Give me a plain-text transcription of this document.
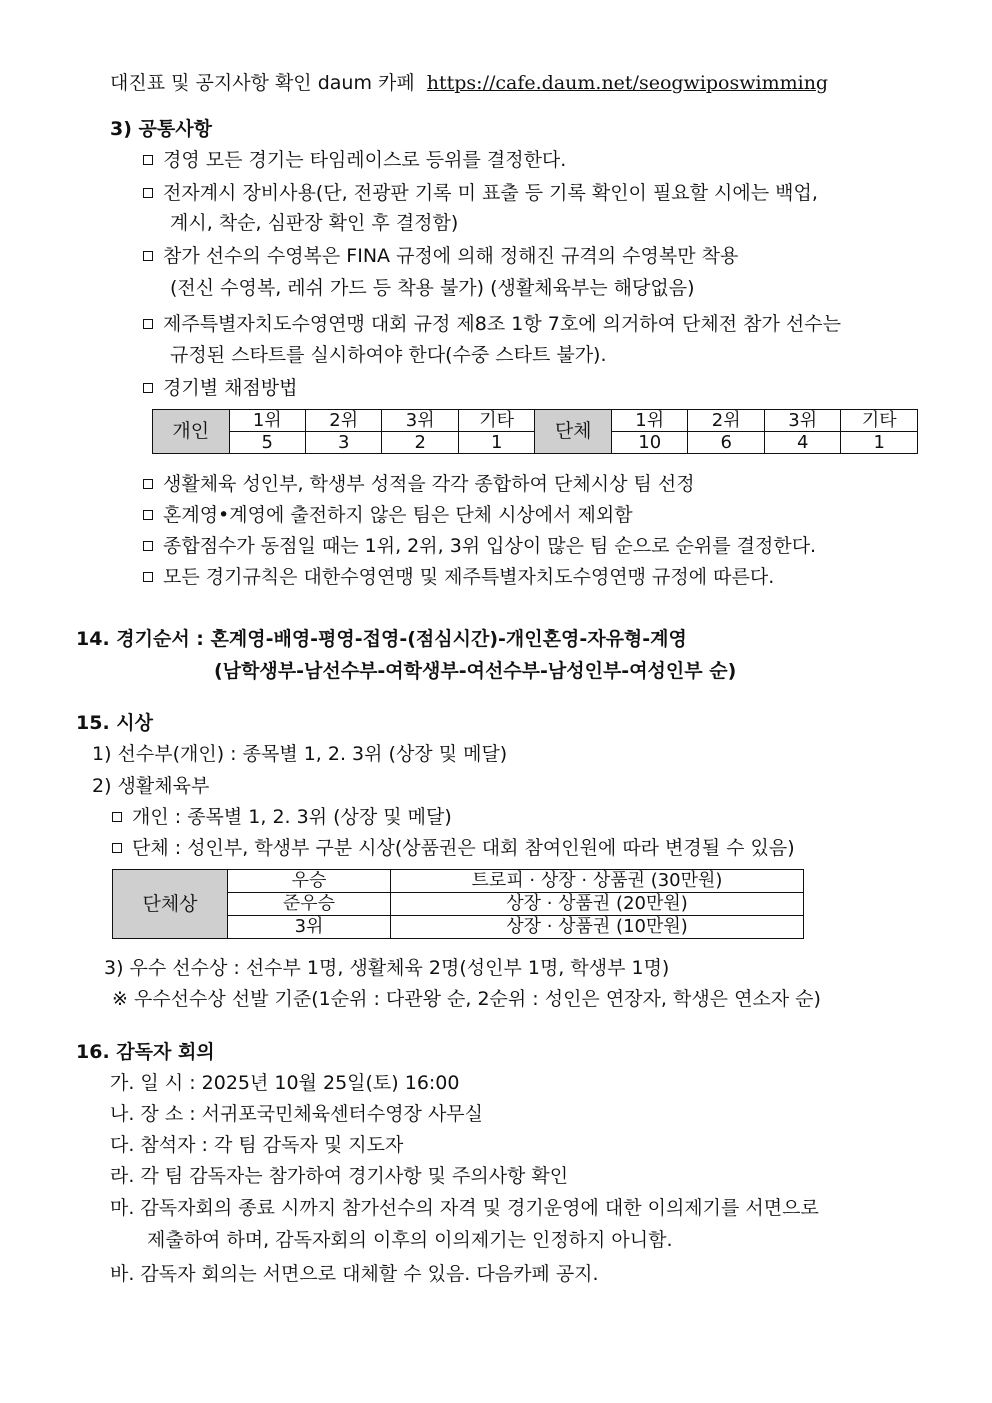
대진표 및 공지사항 확인 daum 카페 https://cafe.daum.net/seogwiposwimming
3) 공통사항
경영 모든 경기는 타임레이스로 등위를 결정한다.
전자계시 장비사용(단, 전광판 기록 미 표출 등 기록 확인이 필요할 시에는 백업,
계시, 착순, 심판장 확인 후 결정함)
참가 선수의 수영복은 FINA 규정에 의해 정해진 규격의 수영복만 착용
(전신 수영복, 레쉬 가드 등 착용 불가) (생활체육부는 해당없음)
제주특별자치도수영연맹 대회 규정 제8조 1항 7호에 의거하여 단체전 참가 선수는
규정된 스타트를 실시하여야 한다(수중 스타트 불가).
경기별 채점방법
개인	1위	2위	3위	기타	단체	1위	2위	3위	기타
	5	3	2	1		10	6	4	1
생활체육 성인부, 학생부 성적을 각각 종합하여 단체시상 팀 선정
혼계영•계영에 출전하지 않은 팀은 단체 시상에서 제외함
종합점수가 동점일 때는 1위, 2위, 3위 입상이 많은 팀 순으로 순위를 결정한다.
모든 경기규칙은 대한수영연맹 및 제주특별자치도수영연맹 규정에 따른다.
14. 경기순서 : 혼계영-배영-평영-접영-(점심시간)-개인혼영-자유형-계영
(남학생부-남선수부-여학생부-여선수부-남성인부-여성인부 순)
15. 시상
1) 선수부(개인) : 종목별 1, 2. 3위 (상장 및 메달)
2) 생활체육부
개인 : 종목별 1, 2. 3위 (상장 및 메달)
단체 : 성인부, 학생부 구분 시상(상품권은 대회 참여인원에 따라 변경될 수 있음)
단체상	우승	트로피 · 상장 · 상품권 (30만원)
	준우승	상장 · 상품권 (20만원)
	3위	상장 · 상품권 (10만원)
3) 우수 선수상 : 선수부 1명, 생활체육 2명(성인부 1명, 학생부 1명)
※ 우수선수상 선발 기준(1순위 : 다관왕 순, 2순위 : 성인은 연장자, 학생은 연소자 순)
16. 감독자 회의
가. 일 시 : 2025년 10월 25일(토) 16:00
나. 장 소 : 서귀포국민체육센터수영장 사무실
다. 참석자 : 각 팀 감독자 및 지도자
라. 각 팀 감독자는 참가하여 경기사항 및 주의사항 확인
마. 감독자회의 종료 시까지 참가선수의 자격 및 경기운영에 대한 이의제기를 서면으로
제출하여 하며, 감독자회의 이후의 이의제기는 인정하지 아니함.
바. 감독자 회의는 서면으로 대체할 수 있음. 다음카페 공지.
